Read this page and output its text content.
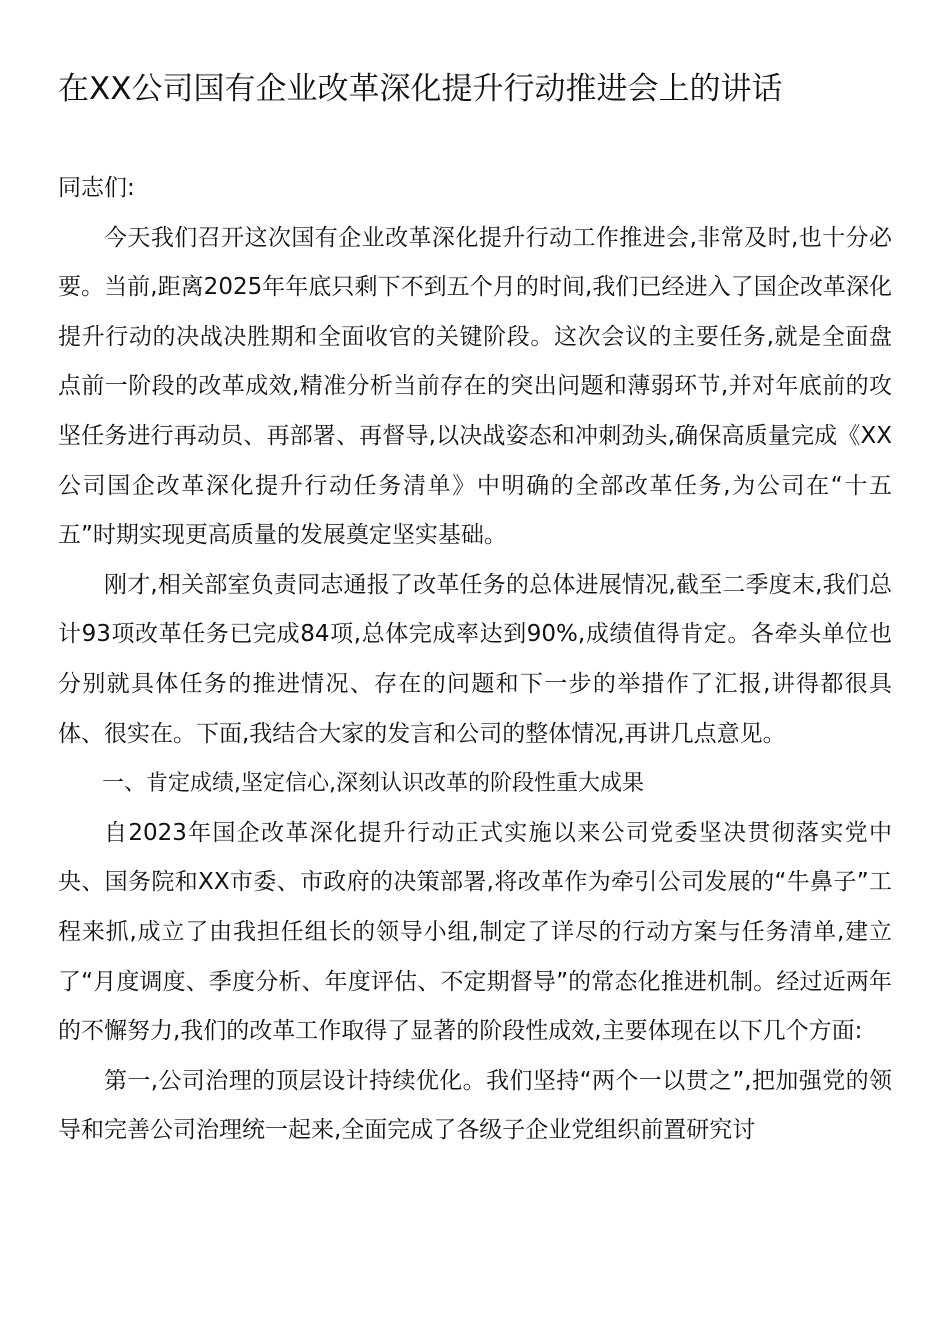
在XX公司国有企业改革深化提升行动推进会上的讲话

同志们:

今天我们召开这次国有企业改革深化提升行动工作推进会,非常及时,也十分必要。当前,距离2025年年底只剩下不到五个月的时间,我们已经进入了国企改革深化提升行动的决战决胜期和全面收官的关键阶段。这次会议的主要任务,就是全面盘点前一阶段的改革成效,精准分析当前存在的突出问题和薄弱环节,并对年底前的攻坚任务进行再动员、再部署、再督导,以决战姿态和冲刺劲头,确保高质量完成《XX公司国企改革深化提升行动任务清单》中明确的全部改革任务,为公司在“十五五”时期实现更高质量的发展奠定坚实基础。

刚才,相关部室负责同志通报了改革任务的总体进展情况,截至二季度末,我们总计93项改革任务已完成84项,总体完成率达到90%,成绩值得肯定。各牵头单位也分别就具体任务的推进情况、存在的问题和下一步的举措作了汇报,讲得都很具体、很实在。下面,我结合大家的发言和公司的整体情况,再讲几点意见。

一、肯定成绩,坚定信心,深刻认识改革的阶段性重大成果

自2023年国企改革深化提升行动正式实施以来公司党委坚决贯彻落实党中央、国务院和XX市委、市政府的决策部署,将改革作为牵引公司发展的“牛鼻子”工程来抓,成立了由我担任组长的领导小组,制定了详尽的行动方案与任务清单,建立了“月度调度、季度分析、年度评估、不定期督导”的常态化推进机制。经过近两年的不懈努力,我们的改革工作取得了显著的阶段性成效,主要体现在以下几个方面:

第一,公司治理的顶层设计持续优化。我们坚持“两个一以贯之”,把加强党的领导和完善公司治理统一起来,全面完成了各级子企业党组织前置研究讨
